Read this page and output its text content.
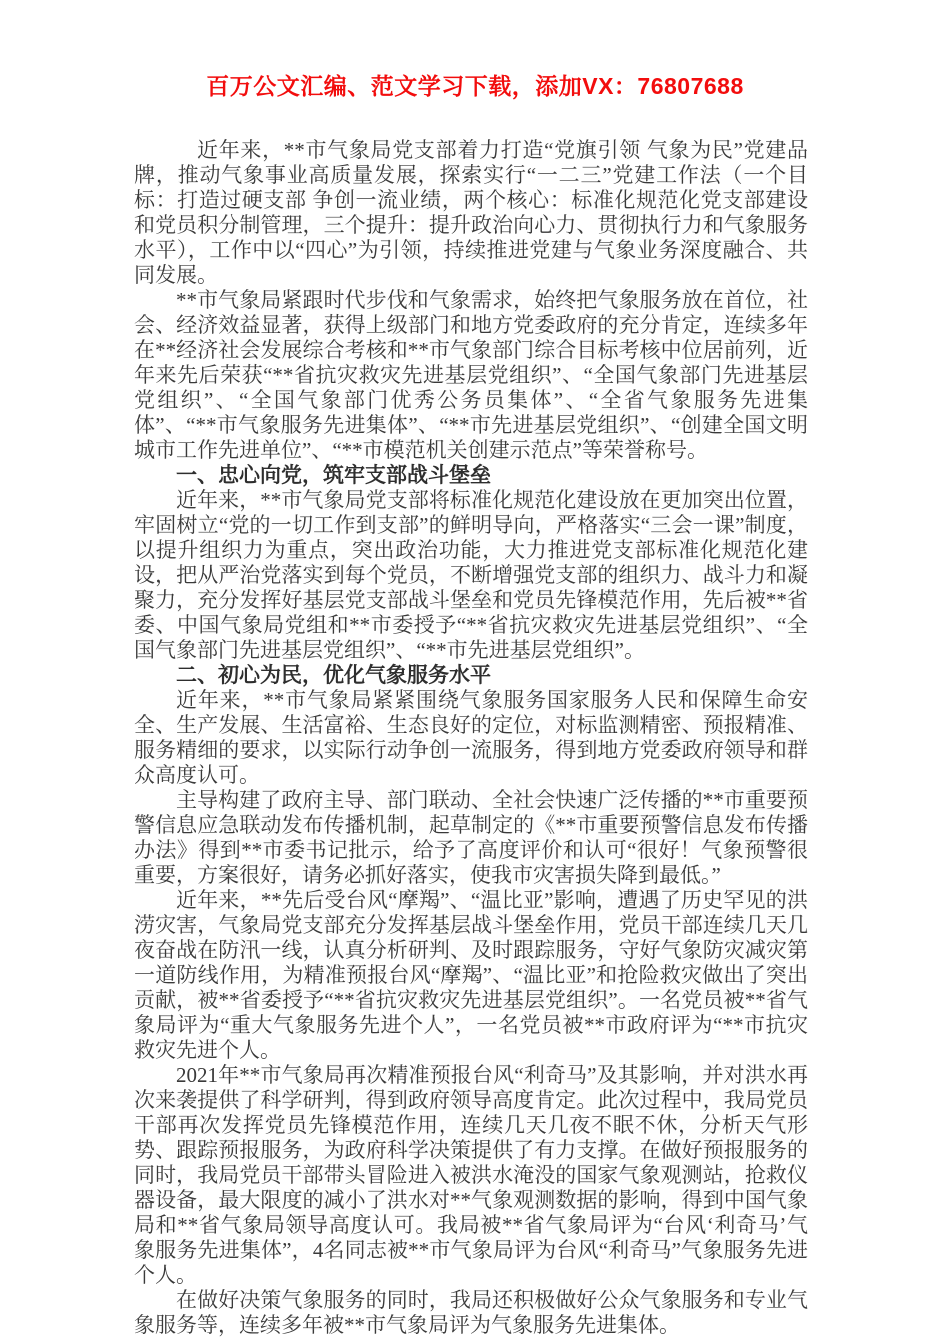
百万公文汇编、范文学习下载，添加VX：76807688

近年来，**市气象局党支部着力打造“党旗引领 气象为民”党建品牌，推动气象事业高质量发展，探索实行“一二三”党建工作法（一个目标：打造过硬支部 争创一流业绩，两个核心：标准化规范化党支部建设和党员积分制管理，三个提升：提升政治向心力、贯彻执行力和气象服务水平），工作中以“四心”为引领，持续推进党建与气象业务深度融合、共同发展。

**市气象局紧跟时代步伐和气象需求，始终把气象服务放在首位，社会、经济效益显著，获得上级部门和地方党委政府的充分肯定，连续多年在**经济社会发展综合考核和**市气象部门综合目标考核中位居前列，近年来先后荣获“**省抗灾救灾先进基层党组织”、“全国气象部门先进基层党组织”、“全国气象部门优秀公务员集体”、“全省气象服务先进集体”、“**市气象服务先进集体”、“**市先进基层党组织”、“创建全国文明城市工作先进单位”、“**市模范机关创建示范点”等荣誉称号。

一、忠心向党，筑牢支部战斗堡垒

近年来，**市气象局党支部将标准化规范化建设放在更加突出位置，牢固树立“党的一切工作到支部”的鲜明导向，严格落实“三会一课”制度，以提升组织力为重点，突出政治功能，大力推进党支部标准化规范化建设，把从严治党落实到每个党员，不断增强党支部的组织力、战斗力和凝聚力，充分发挥好基层党支部战斗堡垒和党员先锋模范作用，先后被**省委、中国气象局党组和**市委授予“**省抗灾救灾先进基层党组织”、“全国气象部门先进基层党组织”、“**市先进基层党组织”。

二、初心为民，优化气象服务水平

近年来，**市气象局紧紧围绕气象服务国家服务人民和保障生命安全、生产发展、生活富裕、生态良好的定位，对标监测精密、预报精准、服务精细的要求，以实际行动争创一流服务，得到地方党委政府领导和群众高度认可。

主导构建了政府主导、部门联动、全社会快速广泛传播的**市重要预警信息应急联动发布传播机制，起草制定的《**市重要预警信息发布传播办法》得到**市委书记批示，给予了高度评价和认可“很好！气象预警很重要，方案很好，请务必抓好落实，使我市灾害损失降到最低。”

近年来，**先后受台风“摩羯”、“温比亚”影响，遭遇了历史罕见的洪涝灾害，气象局党支部充分发挥基层战斗堡垒作用，党员干部连续几天几夜奋战在防汛一线，认真分析研判、及时跟踪服务，守好气象防灾减灾第一道防线作用，为精准预报台风“摩羯”、“温比亚”和抢险救灾做出了突出贡献，被**省委授予“**省抗灾救灾先进基层党组织”。一名党员被**省气象局评为“重大气象服务先进个人”，一名党员被**市政府评为“**市抗灾救灾先进个人。

2021年**市气象局再次精准预报台风“利奇马”及其影响，并对洪水再次来袭提供了科学研判，得到政府领导高度肯定。此次过程中，我局党员干部再次发挥党员先锋模范作用，连续几天几夜不眠不休，分析天气形势、跟踪预报服务，为政府科学决策提供了有力支撑。在做好预报服务的同时，我局党员干部带头冒险进入被洪水淹没的国家气象观测站，抢救仪器设备，最大限度的减小了洪水对**气象观测数据的影响，得到中国气象局和**省气象局领导高度认可。我局被**省气象局评为“台风‘利奇马’气象服务先进集体”，4名同志被**市气象局评为台风“利奇马”气象服务先进个人。

在做好决策气象服务的同时，我局还积极做好公众气象服务和专业气象服务等，连续多年被**市气象局评为气象服务先进集体。
